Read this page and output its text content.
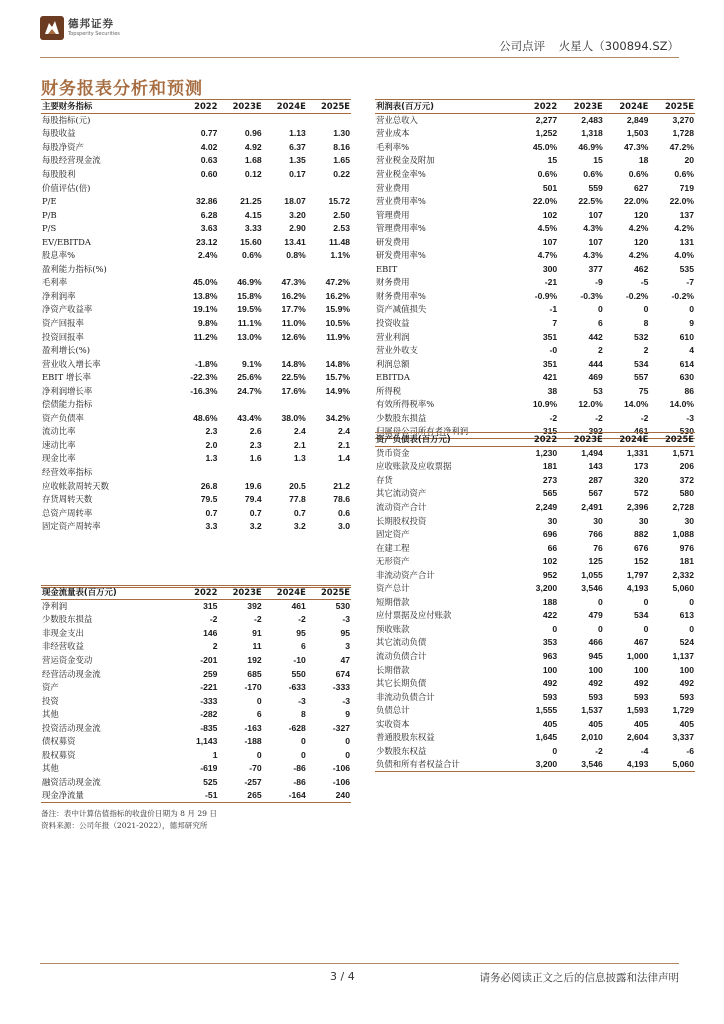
德邦证券
Topsperity Securities
公司点评 火星人（300894.SZ）
财务报表分析和预测
主要财务指标	2022	2023E	2024E	2025E
每股指标(元)				
每股收益	0.77	0.96	1.13	1.30
每股净资产	4.02	4.92	6.37	8.16
每股经营现金流	0.63	1.68	1.35	1.65
每股股利	0.60	0.12	0.17	0.22
价值评估(倍)				
P/E	32.86	21.25	18.07	15.72
P/B	6.28	4.15	3.20	2.50
P/S	3.63	3.33	2.90	2.53
EV/EBITDA	23.12	15.60	13.41	11.48
股息率%	2.4%	0.6%	0.8%	1.1%
盈利能力指标(%)				
毛利率	45.0%	46.9%	47.3%	47.2%
净利润率	13.8%	15.8%	16.2%	16.2%
净资产收益率	19.1%	19.5%	17.7%	15.9%
资产回报率	9.8%	11.1%	11.0%	10.5%
投资回报率	11.2%	13.0%	12.6%	11.9%
盈利增长(%)				
营业收入增长率	-1.8%	9.1%	14.8%	14.8%
EBIT 增长率	-22.3%	25.6%	22.5%	15.7%
净利润增长率	-16.3%	24.7%	17.6%	14.9%
偿债能力指标				
资产负债率	48.6%	43.4%	38.0%	34.2%
流动比率	2.3	2.6	2.4	2.4
速动比率	2.0	2.3	2.1	2.1
现金比率	1.3	1.6	1.3	1.4
经营效率指标				
应收帐款周转天数	26.8	19.6	20.5	21.2
存货周转天数	79.5	79.4	77.8	78.6
总资产周转率	0.7	0.7	0.7	0.6
固定资产周转率	3.3	3.2	3.2	3.0

利润表(百万元)	2022	2023E	2024E	2025E
营业总收入	2,277	2,483	2,849	3,270
营业成本	1,252	1,318	1,503	1,728
毛利率%	45.0%	46.9%	47.3%	47.2%
营业税金及附加	15	15	18	20
营业税金率%	0.6%	0.6%	0.6%	0.6%
营业费用	501	559	627	719
营业费用率%	22.0%	22.5%	22.0%	22.0%
管理费用	102	107	120	137
管理费用率%	4.5%	4.3%	4.2%	4.2%
研发费用	107	107	120	131
研发费用率%	4.7%	4.3%	4.2%	4.0%
EBIT	300	377	462	535
财务费用	-21	-9	-5	-7
财务费用率%	-0.9%	-0.3%	-0.2%	-0.2%
资产减值损失	-1	0	0	0
投资收益	7	6	8	9
营业利润	351	442	532	610
营业外收支	-0	2	2	4
利润总额	351	444	534	614
EBITDA	421	469	557	630
所得税	38	53	75	86
有效所得税率%	10.9%	12.0%	14.0%	14.0%
少数股东损益	-2	-2	-2	-3
归属母公司所有者净利润	315	392	461	530
资产负债表(百万元)	2022	2023E	2024E	2025E
货币资金	1,230	1,494	1,331	1,571
应收账款及应收票据	181	143	173	206
存货	273	287	320	372
其它流动资产	565	567	572	580
流动资产合计	2,249	2,491	2,396	2,728
长期股权投资	30	30	30	30
固定资产	696	766	882	1,088
在建工程	66	76	676	976
无形资产	102	125	152	181
非流动资产合计	952	1,055	1,797	2,332
资产总计	3,200	3,546	4,193	5,060
短期借款	188	0	0	0
应付票据及应付账款	422	479	534	613
预收账款	0	0	0	0
其它流动负债	353	466	467	524
流动负债合计	963	945	1,000	1,137
长期借款	100	100	100	100
其它长期负债	492	492	492	492
非流动负债合计	593	593	593	593
负债总计	1,555	1,537	1,593	1,729
实收资本	405	405	405	405
普通股股东权益	1,645	2,010	2,604	3,337
少数股东权益	0	-2	-4	-6
负债和所有者权益合计	3,200	3,546	4,193	5,060
现金流量表(百万元)	2022	2023E	2024E	2025E
净利润	315	392	461	530
少数股东损益	-2	-2	-2	-3
非现金支出	146	91	95	95
非经营收益	2	11	6	3
营运资金变动	-201	192	-10	47
经营活动现金流	259	685	550	674
资产	-221	-170	-633	-333
投资	-333	0	-3	-3
其他	-282	6	8	9
投资活动现金流	-835	-163	-628	-327
债权募资	1,143	-188	0	0
股权募资	1	0	0	0
其他	-619	-70	-86	-106
融资活动现金流	525	-257	-86	-106
现金净流量	-51	265	-164	240
备注：表中计算估值指标的收盘价日期为 8 月 29 日
资料来源：公司年报（2021-2022），德邦研究所
3 / 4	请务必阅读正文之后的信息披露和法律声明
